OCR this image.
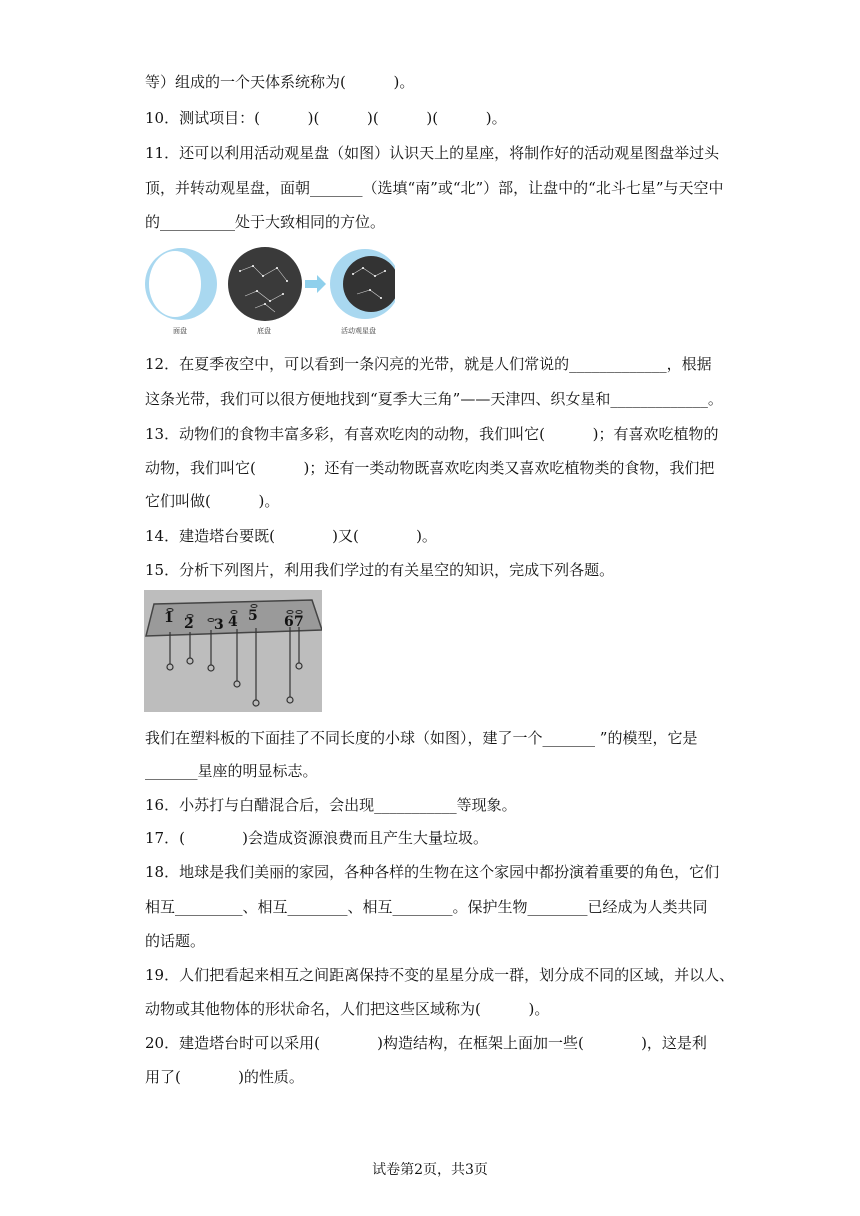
等）组成的一个天体系统称为(          )。
10．测试项目：(          )(          )(          )(          )。
11．还可以利用活动观星盘（如图）认识天上的星座，将制作好的活动观星图盘举过头
顶，并转动观星盘，面朝_______（选填“南”或“北”）部，让盘中的“北斗七星”与天空中
的__________处于大致相同的方位。
面盘	底盘	活动观星盘
12．在夏季夜空中，可以看到一条闪亮的光带，就是人们常说的_____________，根据
这条光带，我们可以很方便地找到“夏季大三角”——天津四、织女星和_____________。
13．动物们的食物丰富多彩，有喜欢吃肉的动物，我们叫它(          )；有喜欢吃植物的
动物，我们叫它(          )；还有一类动物既喜欢吃肉类又喜欢吃植物类的食物，我们把
它们叫做(          )。
14．建造塔台要既(            )又(            )。
15．分析下列图片，利用我们学过的有关星空的知识，完成下列各题。
1 2 3 4 5 6 7
我们在塑料板的下面挂了不同长度的小球（如图），建了一个_______ ”的模型，它是
_______星座的明显标志。
16．小苏打与白醋混合后，会出现___________等现象。
17．(            )会造成资源浪费而且产生大量垃圾。
18．地球是我们美丽的家园，各种各样的生物在这个家园中都扮演着重要的角色，它们
相互_________、相互________、相互________。保护生物________已经成为人类共同
的话题。
19．人们把看起来相互之间距离保持不变的星星分成一群，划分成不同的区域，并以人、
动物或其他物体的形状命名，人们把这些区域称为(          )。
20．建造塔台时可以采用(            )构造结构，在框架上面加一些(            )，这是利
用了(            )的性质。
试卷第2页，共3页
